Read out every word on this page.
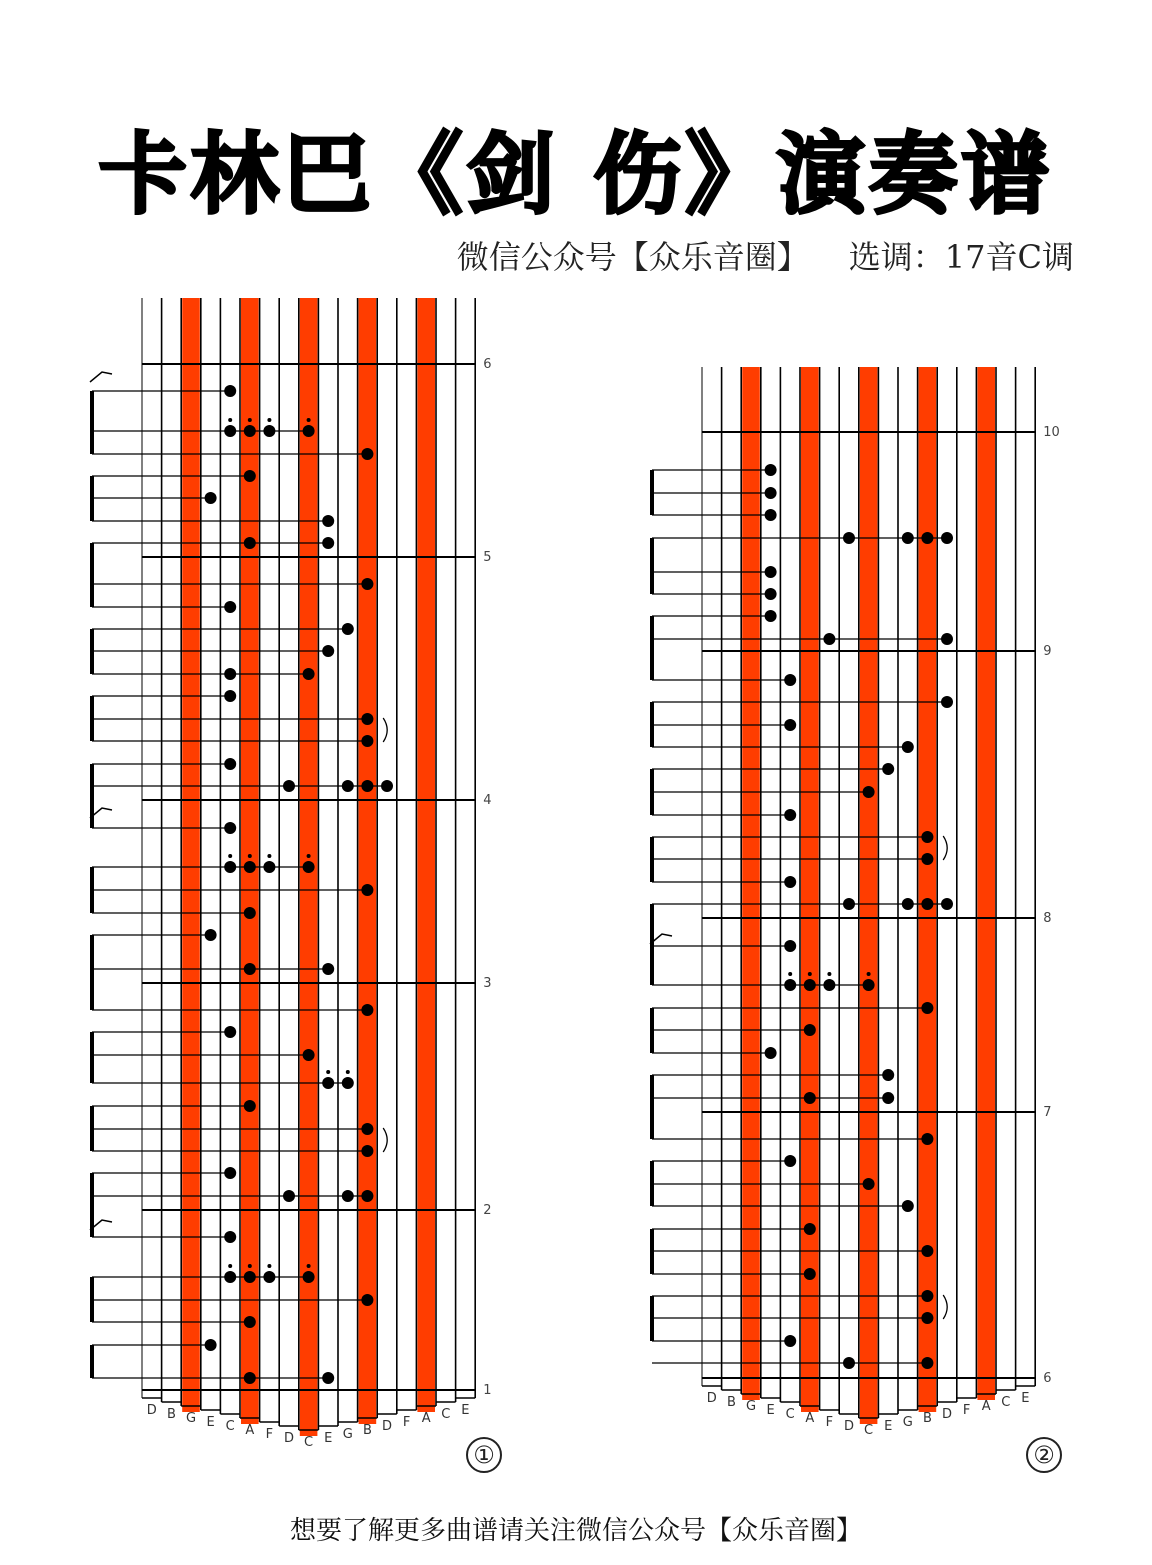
卡林巴《剑 伤》演奏谱
微信公众号【众乐音圈】 选调：17音C调
D B G E C A F D C E G B D F A C E
6
5
4
3
2
1
D B G E C A F D C E G B D F A C E
10
9
8
7
6
①	②
想要了解更多曲谱请关注微信公众号【众乐音圈】
